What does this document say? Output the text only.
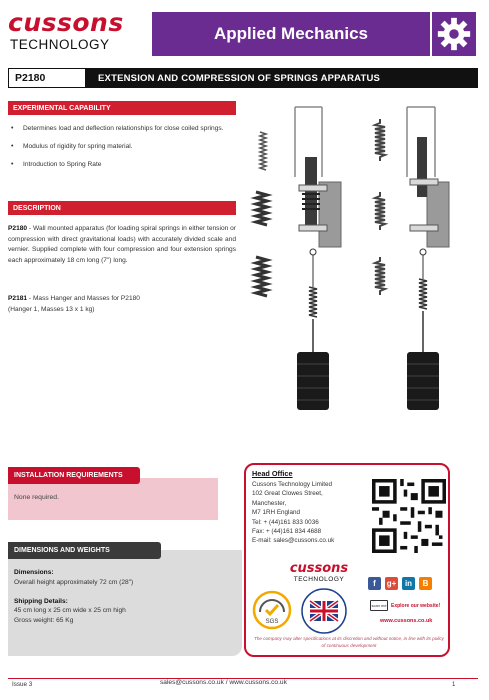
cussons
TECHNOLOGY
Applied Mechanics
P2180	EXTENSION AND COMPRESSION OF SPRINGS APPARATUS
EXPERIMENTAL CAPABILITY
• Determines load and deflection relationships for close coiled springs.
• Modulus of rigidity for spring material.
• Introduction to Spring Rate
DESCRIPTION
P2180 - Wall mounted apparatus (for loading spiral springs in either tension or compression with direct gravitational loads) with accurately divided scale and vernier. Supplied complete with four compression and four extension springs each approximately 18 cm long (7") long.
P2181 - Mass Hanger and Masses for P2180
(Hanger 1, Masses 13 x 1 kg)
INSTALLATION REQUIREMENTS
None required.
DIMENSIONS AND WEIGHTS
Dimensions:
Overall height approximately 72 cm (28")

Shipping Details:
45 cm long x 25 cm wide x 25 cm high
Gross weight: 65 Kg
Head Office
Cussons Technology Limited
102 Great Clowes Street,
Manchester,
M7 1RH England
Tel: + (44)161 833 0036
Fax: + (44)161 834 4688
E-mail: sales@cussons.co.uk
cussons
TECHNOLOGY	f	g+	in	B
SGS
scan me Explore our website!
www.cussons.co.uk
The company may alter specifications at its discretion and without notice, in line with its policy of continuous development
Issue 3	sales@cussons.co.uk / www.cussons.co.uk	1
